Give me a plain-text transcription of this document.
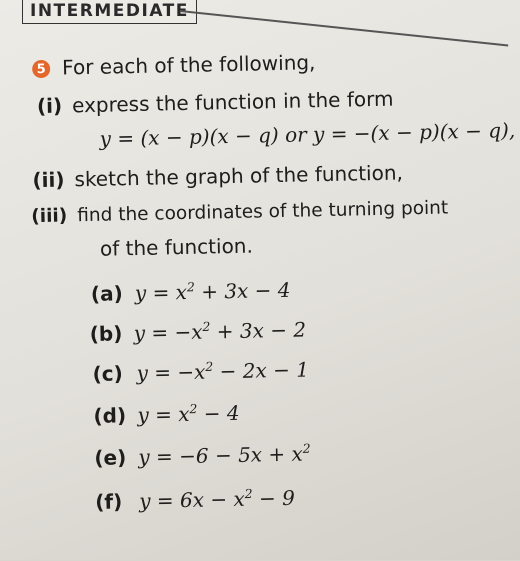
INTERMEDIATE
5 For each of the following,
(i) express the function in the form
y = (x − p)(x − q) or y = −(x − p)(x − q),
(ii) sketch the graph of the function,
(iii) find the coordinates of the turning point
of the function.
(a) $y = x^2 + 3x - 4$
(b) $y = -x^2 + 3x - 2$
(c) $y = -x^2 - 2x - 1$
(d) $y = x^2 - 4$
(e) $y = -6 - 5x + x^2$
(f) $y = 6x - x^2 - 9$
